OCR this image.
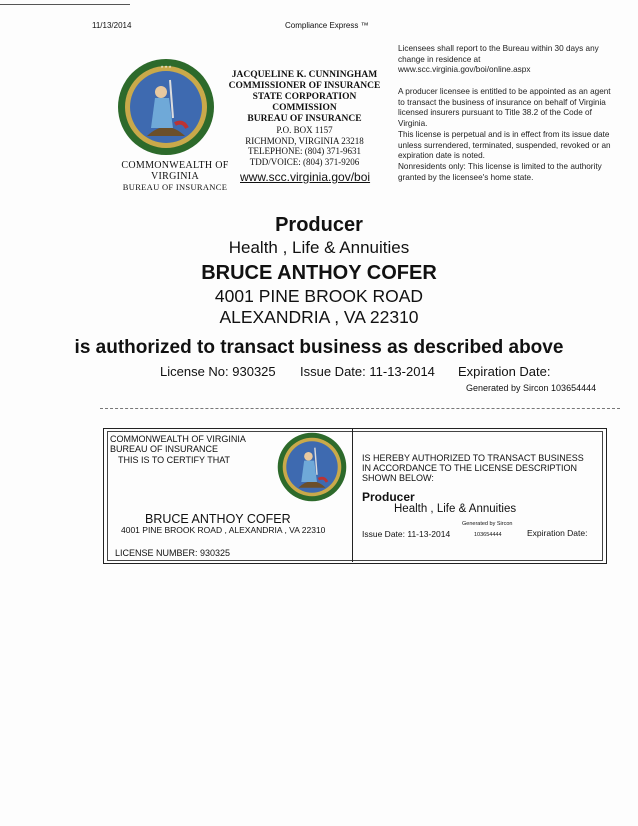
11/13/2014	Compliance Express ™
* * *
COMMONWEALTH OF
VIRGINIA
BUREAU OF INSURANCE
JACQUELINE K. CUNNINGHAM
COMMISSIONER OF INSURANCE
STATE CORPORATION
COMMISSION
BUREAU OF INSURANCE
P.O. BOX 1157
RICHMOND, VIRGINIA 23218
TELEPHONE: (804) 371-9631
TDD/VOICE: (804) 371-9206
www.scc.virginia.gov/boi
Licensees shall report to the Bureau within 30 days any change in residence at www.scc.virginia.gov/boi/online.aspx
A producer licensee is entitled to be appointed as an agent to transact the business of insurance on behalf of Virginia licensed insurers pursuant to Title 38.2 of the Code of Virginia.
This license is perpetual and is in effect from its issue date unless surrendered, terminated, suspended, revoked or an expiration date is noted.
Nonresidents only: This license is limited to the authority granted by the licensee's home state.
Producer
Health , Life & Annuities
BRUCE ANTHOY COFER
4001 PINE BROOK ROAD
ALEXANDRIA , VA 22310
is authorized to transact business as described above
License No: 930325 Issue Date: 11-13-2014 Expiration Date:
Generated by Sircon 103654444
COMMONWEALTH OF VIRGINIA
BUREAU OF INSURANCE
THIS IS TO CERTIFY THAT
BRUCE ANTHOY COFER
4001 PINE BROOK ROAD , ALEXANDRIA , VA 22310
LICENSE NUMBER: 930325
IS HEREBY AUTHORIZED TO TRANSACT BUSINESS
IN ACCORDANCE TO THE LICENSE DESCRIPTION
SHOWN BELOW:
Producer
Health , Life & Annuities
Issue Date: 11-13-2014
Generated by Sircon
103654444	Expiration Date:
